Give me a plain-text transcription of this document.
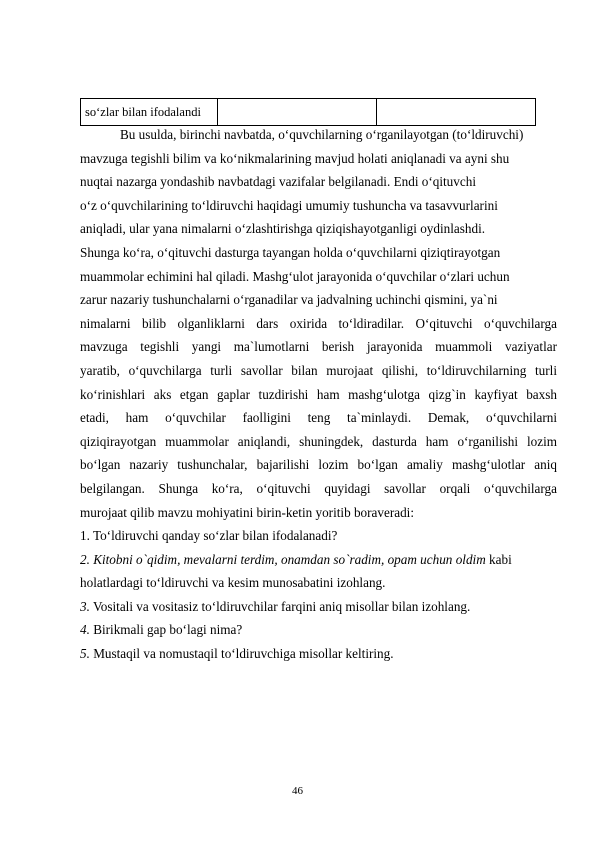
so‘zlar bilan ifodalandi		
Bu usulda, birinchi navbatda, o‘quvchilarning o‘rganilayotgan (to‘ldiruvchi)
mavzuga tegishli bilim va ko‘nikmalarining mavjud holati aniqlanadi va ayni shu
nuqtai nazarga yondashib navbatdagi vazifalar belgilanadi. Endi o‘qituvchi
o‘z o‘quvchilarining to‘ldiruvchi haqidagi umumiy tushuncha va tasavvurlarini
aniqladi, ular yana nimalarni o‘zlashtirishga qiziqishayotganligi oydinlashdi.
Shunga ko‘ra, o‘qituvchi dasturga tayangan holda o‘quvchilarni qiziqtirayotgan
muammolar echimini hal qiladi. Mashg‘ulot jarayonida o‘quvchilar o‘zlari uchun
zarur nazariy tushunchalarni o‘rganadilar va jadvalning uchinchi qismini, ya`ni
nimalarni bilib olganliklarni dars oxirida to‘ldiradilar. O‘qituvchi o‘quvchilarga
mavzuga tegishli yangi ma`lumotlarni berish jarayonida muammoli vaziyatlar
yaratib, o‘quvchilarga turli savollar bilan murojaat qilishi, to‘ldiruvchilarning turli
ko‘rinishlari aks etgan gaplar tuzdirishi ham mashg‘ulotga qizg`in kayfiyat baxsh
etadi, ham o‘quvchilar faolligini teng ta`minlaydi. Demak, o‘quvchilarni
qiziqirayotgan muammolar aniqlandi, shuningdek, dasturda ham o‘rganilishi lozim
bo‘lgan nazariy tushunchalar, bajarilishi lozim bo‘lgan amaliy mashg‘ulotlar aniq
belgilangan. Shunga ko‘ra, o‘qituvchi quyidagi savollar orqali o‘quvchilarga
murojaat qilib mavzu mohiyatini birin-ketin yoritib boraveradi:
1. To‘ldiruvchi qanday so‘zlar bilan ifodalanadi?
2. Kitobni o`qidim, mevalarni terdim, onamdan so`radim, opam uchun oldim kabi
holatlardagi to‘ldiruvchi va kesim munosabatini izohlang.
3. Vositali va vositasiz to‘ldiruvchilar farqini aniq misollar bilan izohlang.
4. Birikmali gap bo‘lagi nima?
5. Mustaqil va nomustaqil to‘ldiruvchiga misollar keltiring.
46
